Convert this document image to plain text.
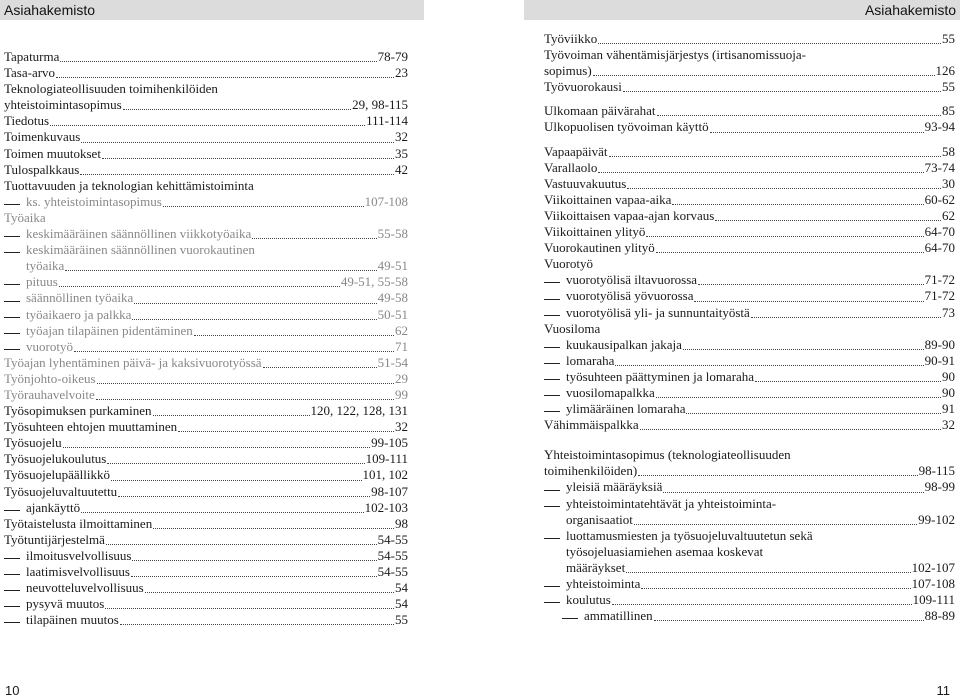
Asiahakemisto	Asiahakemisto
Tapaturma	78-79
Tasa-arvo	23
Teknologiateollisuuden toimihenkilöiden
yhteistoimintasopimus	29, 98-115
Tiedotus	111-114
Toimenkuvaus	32
Toimen muutokset	35
Tulospalkkaus	42
Tuottavuuden ja teknologian kehittämistoiminta
ks. yhteistoimintasopimus	107-108
Työaika
keskimääräinen säännöllinen viikkotyöaika	55-58
keskimääräinen säännöllinen vuorokautinen
työaika	49-51
pituus	49-51, 55-58
säännöllinen työaika	49-58
työaikaero ja palkka	50-51
työajan tilapäinen pidentäminen	62
vuorotyö	71
Työajan lyhentäminen päivä- ja kaksivuorotyössä	51-54
Työnjohto-oikeus	29
Työrauhavelvoite	99
Työsopimuksen purkaminen	120, 122, 128, 131
Työsuhteen ehtojen muuttaminen	32
Työsuojelu	99-105
Työsuojelukoulutus	109-111
Työsuojelupäällikkö	101, 102
Työsuojeluvaltuutettu	98-107
ajankäyttö	102-103
Työtaistelusta ilmoittaminen	98
Työtuntijärjestelmä	54-55
ilmoitusvelvollisuus	54-55
laatimisvelvollisuus	54-55
neuvotteluvelvollisuus	54
pysyvä muutos	54
tilapäinen muutos	55
Työviikko	55
Työvoiman vähentämisjärjestys (irtisanomissuoja-
sopimus)	126
Työvuorokausi	55
Ulkomaan päivärahat	85
Ulkopuolisen työvoiman käyttö	93-94
Vapaapäivät	58
Varallaolo	73-74
Vastuuvakuutus	30
Viikoittainen vapaa-aika	60-62
Viikoittaisen vapaa-ajan korvaus	62
Viikoittainen ylityö	64-70
Vuorokautinen ylityö	64-70
Vuorotyö
vuorotyölisä iltavuorossa	71-72
vuorotyölisä yövuorossa	71-72
vuorotyölisä yli- ja sunnuntaityöstä	73
Vuosiloma
kuukausipalkan jakaja	89-90
lomaraha	90-91
työsuhteen päättyminen ja lomaraha	90
vuosilomapalkka	90
ylimääräinen lomaraha	91
Vähimmäispalkka	32
Yhteistoimintasopimus (teknologiateollisuuden
toimihenkilöiden)	98-115
yleisiä määräyksiä	98-99
yhteistoimintatehtävät ja yhteistoiminta-
organisaatiot	99-102
luottamusmiesten ja työsuojeluvaltuutetun sekä
työsojeluasiamiehen asemaa koskevat
määräykset	102-107
yhteistoiminta	107-108
koulutus	109-111
ammatillinen	88-89
10	11
